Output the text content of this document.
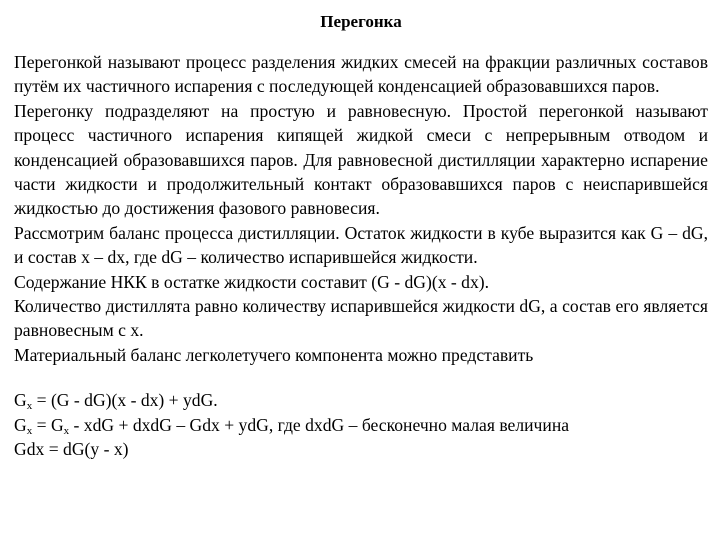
Перегонка

Перегонкой называют процесс разделения жидких смесей на фракции различных составов путём их частичного испарения с последующей конденсацией образовавшихся паров.

Перегонку подразделяют на простую и равновесную. Простой перегонкой называют процесс частичного испарения кипящей жидкой смеси с непрерывным отводом и конденсацией образовавшихся паров. Для равновесной дистилляции характерно испарение части жидкости и продолжительный контакт образовавшихся паров с неиспарившейся жидкостью до достижения фазового равновесия.

Рассмотрим баланс процесса дистилляции. Остаток жидкости в кубе выразится как G – dG, и состав x – dx, где dG – количество испарившейся жидкости.

Содержание НКК в остатке жидкости составит (G - dG)(x - dx).

Количество дистиллята равно количеству испарившейся жидкости dG, а состав его является равновесным с x.

Материальный баланс легколетучего компонента можно представить

$G_x = (G - dG)(x - dx)$ + ydG.

$G_x = G_x$ - xdG + dxdG – Gdx + ydG, где dxdG – бесконечно малая величина

Gdx = dG(y - x)
